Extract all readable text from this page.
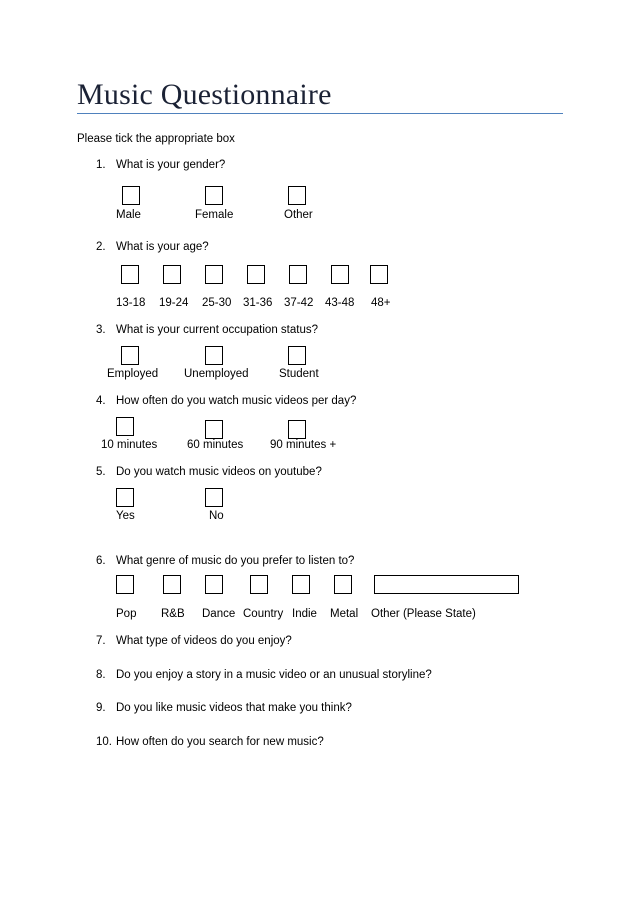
Music Questionnaire
Please tick the appropriate box
1. What is your gender?
Male	Female	Other
2. What is your age?
13-18 19-24 25-30 31-36 37-42 43-48 48+
3. What is your current occupation status?
Employed Unemployed	Student
4. How often do you watch music videos per day?
10 minutes	60 minutes 90 minutes +
5. Do you watch music videos on youtube?
Yes	No
6. What genre of music do you prefer to listen to?
Pop R&B Dance Country Indie Metal Other (Please State)
7. What type of videos do you enjoy?
8. Do you enjoy a story in a music video or an unusual storyline?
9. Do you like music videos that make you think?
10. How often do you search for new music?
